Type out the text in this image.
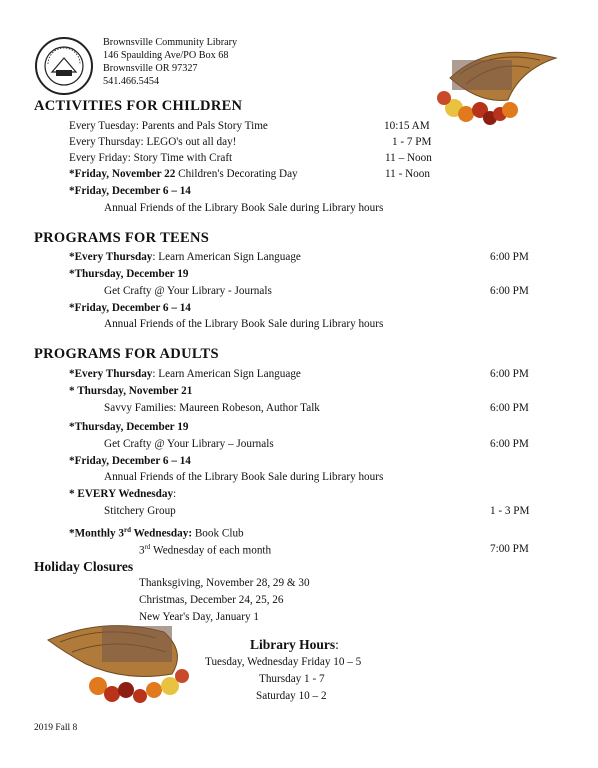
Brownsville Community Library
146 Spaulding Ave/PO Box 68
Brownsville OR 97327
541.466.5454
ACTIVITIES FOR CHILDREN
Every Tuesday: Parents and Pals Story Time	10:15 AM
Every Thursday: LEGO's out all day!	1 - 7 PM
Every Friday: Story Time with Craft	11 – Noon
*Friday, November 22 Children's Decorating Day	11 - Noon
*Friday, December 6 – 14
Annual Friends of the Library Book Sale during Library hours
PROGRAMS FOR TEENS
*Every Thursday: Learn American Sign Language	6:00 PM
*Thursday, December 19
Get Crafty @ Your Library - Journals	6:00 PM
*Friday, December 6 – 14
Annual Friends of the Library Book Sale during Library hours
PROGRAMS FOR ADULTS
*Every Thursday: Learn American Sign Language	6:00 PM
* Thursday, November 21
Savvy Families: Maureen Robeson, Author Talk	6:00 PM
*Thursday, December 19
Get Crafty @ Your Library – Journals	6:00 PM
*Friday, December 6 – 14
Annual Friends of the Library Book Sale during Library hours
* EVERY Wednesday:
Stitchery Group	1 - 3 PM
*Monthly 3rd Wednesday: Book Club
3rd Wednesday of each month	7:00 PM
Holiday Closures
Thanksgiving, November 28, 29 & 30
Christmas, December 24, 25, 26
New Year's Day, January 1
Library Hours:
Tuesday, Wednesday Friday 10 – 5
Thursday 1 - 7
Saturday 10 – 2
2019 Fall 8
